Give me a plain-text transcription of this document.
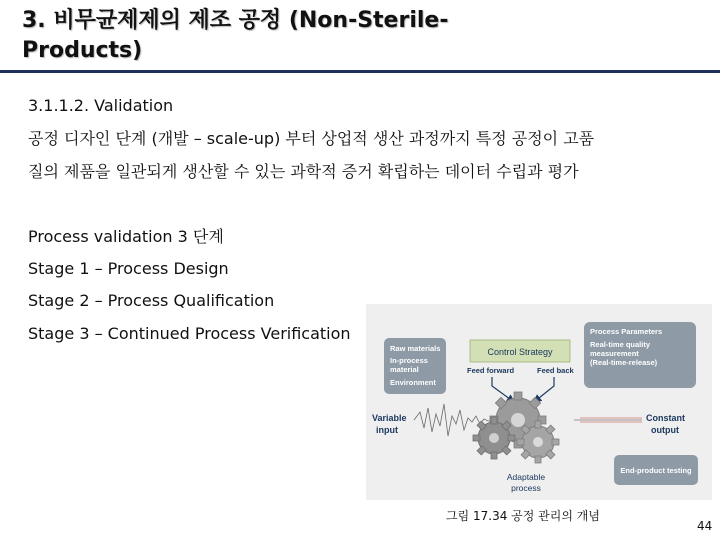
3. 비무균제제의 제조 공정 (Non-Sterile-
Products)
3.1.1.2. Validation
공정 디자인 단계 (개발 – scale-up) 부터 상업적 생산 과정까지 특정 공정이 고품
질의 제품을 일관되게 생산할 수 있는 과학적 증거 확립하는 데이터 수립과 평가
Process validation 3 단계
Stage 1 – Process Design
Stage 2 – Process Qualification
Stage 3 – Continued Process Verification
Raw materials
In-process
material
Environment
Control Strategy
Feed forward	Feed back
Process Parameters
Real-time quality
measurement
(Real-time-release)
Variable
input
Constant
output
End-product testing
Adaptable
process
그림 17.34 공정 관리의 개념
44
